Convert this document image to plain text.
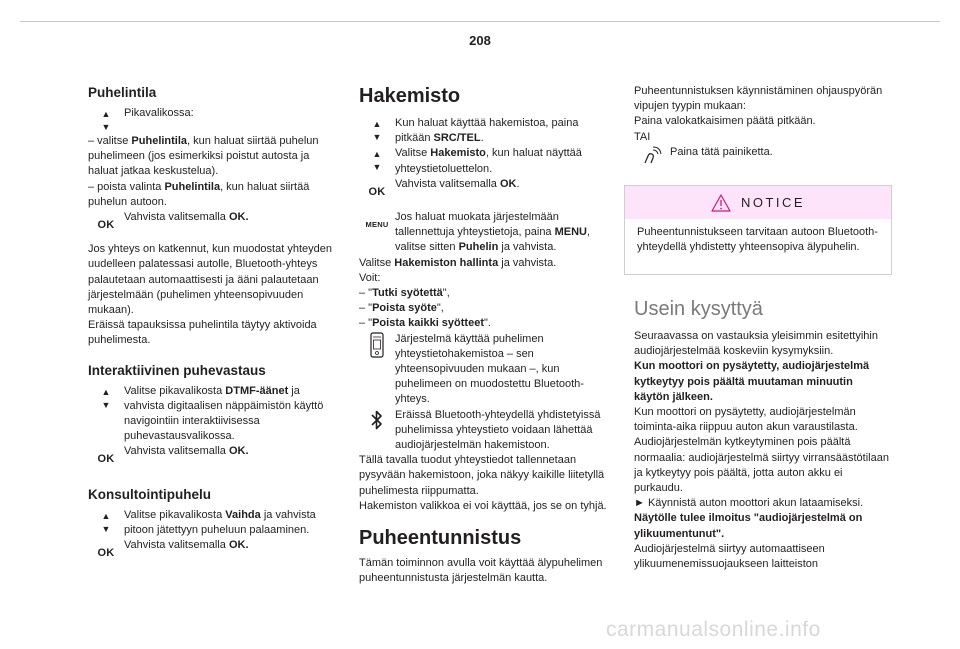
208
Puhelintila
▲
▼
Pikavalikossa:

– valitse Puhelintila, kun haluat siirtää puhelun puhelimeen (jos esimerkiksi poistut autosta ja haluat jatkaa keskustelua).

– poista valinta Puhelintila, kun haluat siirtää puhelun autoon.

OK
Vahvista valitsemalla OK.

Jos yhteys on katkennut, kun muodostat yhteyden uudelleen palatessasi autolle, Bluetooth-yhteys palautetaan automaattisesti ja ääni palautetaan järjestelmään (puhelimen yhteensopivuuden mukaan).

Eräissä tapauksissa puhelintila täytyy aktivoida puhelimesta.

Interaktiivinen puhevastaus
▲
▼
Valitse pikavalikosta DTMF-äänet ja vahvista digitaalisen näppäimistön käyttö navigointiin interaktiivisessa puhevastausvalikossa.
OK
Vahvista valitsemalla OK.
Konsultointipuhelu
▲
▼
Valitse pikavalikosta Vaihda ja vahvista pitoon jätettyyn puheluun palaaminen.
OK
Vahvista valitsemalla OK.
Hakemisto
▲
▼
Kun haluat käyttää hakemistoa, paina pitkään SRC/TEL.
▲
▼
Valitse Hakemisto, kun haluat näyttää yhteystietoluettelon.
OK
Vahvista valitsemalla OK.
MENU
Jos haluat muokata järjestelmään tallennettuja yhteystietoja, paina MENU, valitse sitten Puhelin ja vahvista.

Valitse Hakemiston hallinta ja vahvista.

Voit:

– "Tutki syötettä",

– "Poista syöte",

– "Poista kaikki syötteet".

Järjestelmä käyttää puhelimen yhteystietohakemistoa – sen yhteensopivuuden mukaan –, kun puhelimeen on muodostettu Bluetooth-yhteys.
Eräissä Bluetooth-yhteydellä yhdistetyissä puhelimissa yhteystieto voidaan lähettää audiojärjestelmän hakemistoon.

Tällä tavalla tuodut yhteystiedot tallennetaan pysyvään hakemistoon, joka näkyy kaikille liitetyllä puhelimesta riippumatta.

Hakemiston valikkoa ei voi käyttää, jos se on tyhjä.

Puheentunnistus

Tämän toiminnon avulla voit käyttää älypuhelimen puheentunnistusta järjestelmän kautta.

Puheentunnistuksen käynnistäminen ohjauspyörän vipujen tyypin mukaan:

Paina valokatkaisimen päätä pitkään.

TAI

Paina tätä painiketta.
NOTICE
Puheentunnistukseen tarvitaan autoon Bluetooth-yhteydellä yhdistetty yhteensopiva älypuhelin.
Usein kysyttyä

Seuraavassa on vastauksia yleisimmin esitettyihin audiojärjestelmää koskeviin kysymyksiin.

Kun moottori on pysäytetty, audiojärjestelmä kytkeytyy pois päältä muutaman minuutin käytön jälkeen.

Kun moottori on pysäytetty, audiojärjestelmän toiminta-aika riippuu auton akun varaustilasta.

Audiojärjestelmän kytkeytyminen pois päältä normaalia: audiojärjestelmä siirtyy virransäästötilaan ja kytkeytyy pois päältä, jotta auton akku ei purkaudu.

► Käynnistä auton moottori akun lataamiseksi.

Näytölle tulee ilmoitus "audiojärjestelmä on ylikuumentunut".

Audiojärjestelmä siirtyy automaattiseen ylikuumenemissuojaukseen laitteiston

carmanualsonline.info
